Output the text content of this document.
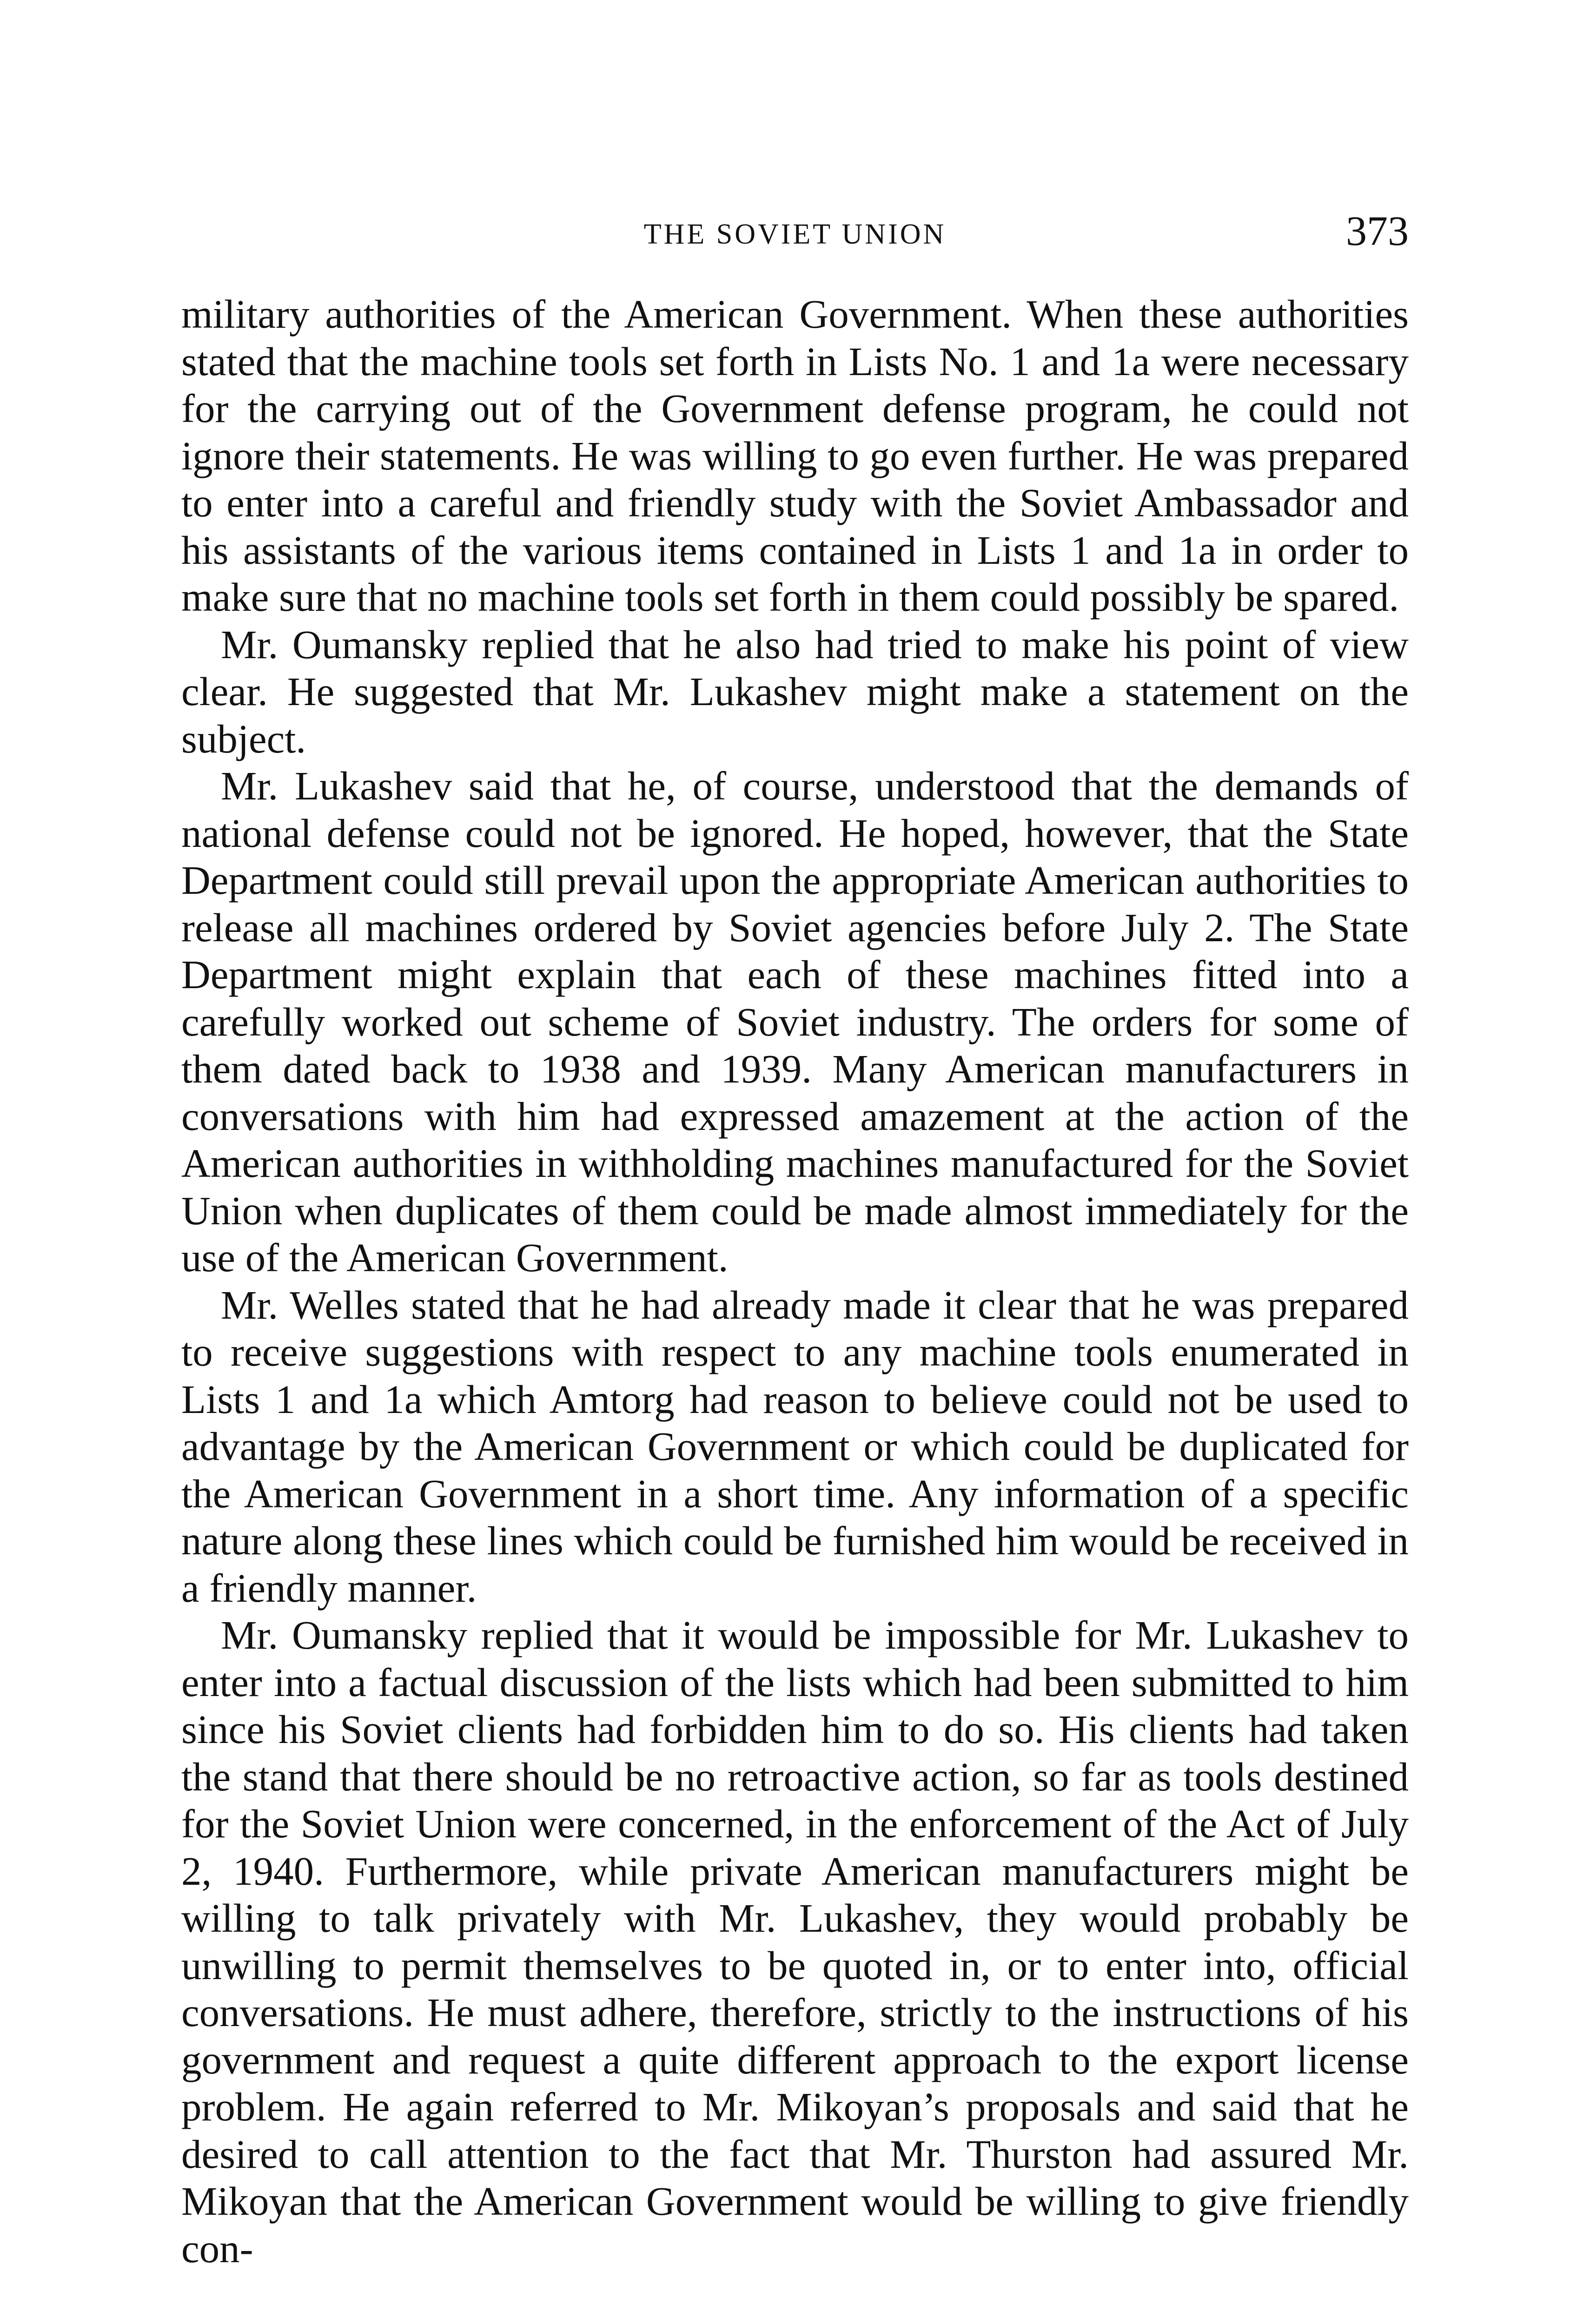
THE SOVIET UNION	373

military authorities of the American Government. When these authorities stated that the machine tools set forth in Lists No. 1 and 1a were necessary for the carrying out of the Government defense program, he could not ignore their statements. He was willing to go even further. He was prepared to enter into a careful and friendly study with the Soviet Ambassador and his assistants of the various items contained in Lists 1 and 1a in order to make sure that no machine tools set forth in them could possibly be spared.

Mr. Oumansky replied that he also had tried to make his point of view clear. He suggested that Mr. Lukashev might make a statement on the subject.

Mr. Lukashev said that he, of course, understood that the demands of national defense could not be ignored. He hoped, however, that the State Department could still prevail upon the appropriate American authorities to release all machines ordered by Soviet agencies before July 2. The State Department might explain that each of these machines fitted into a carefully worked out scheme of Soviet industry. The orders for some of them dated back to 1938 and 1939. Many American manufacturers in conversations with him had expressed amazement at the action of the American authorities in withholding machines manufactured for the Soviet Union when duplicates of them could be made almost immediately for the use of the American Government.

Mr. Welles stated that he had already made it clear that he was prepared to receive suggestions with respect to any machine tools enumerated in Lists 1 and 1a which Amtorg had reason to believe could not be used to advantage by the American Government or which could be duplicated for the American Government in a short time. Any information of a specific nature along these lines which could be furnished him would be received in a friendly manner.

Mr. Oumansky replied that it would be impossible for Mr. Lukashev to enter into a factual discussion of the lists which had been submitted to him since his Soviet clients had forbidden him to do so. His clients had taken the stand that there should be no retroactive action, so far as tools destined for the Soviet Union were concerned, in the enforcement of the Act of July 2, 1940. Furthermore, while private American manufacturers might be willing to talk privately with Mr. Lukashev, they would probably be unwilling to permit themselves to be quoted in, or to enter into, official conversations. He must adhere, therefore, strictly to the instructions of his government and request a quite different approach to the export license problem. He again referred to Mr. Mikoyan’s proposals and said that he desired to call attention to the fact that Mr. Thurston had assured Mr. Mikoyan that the American Government would be willing to give friendly con-
